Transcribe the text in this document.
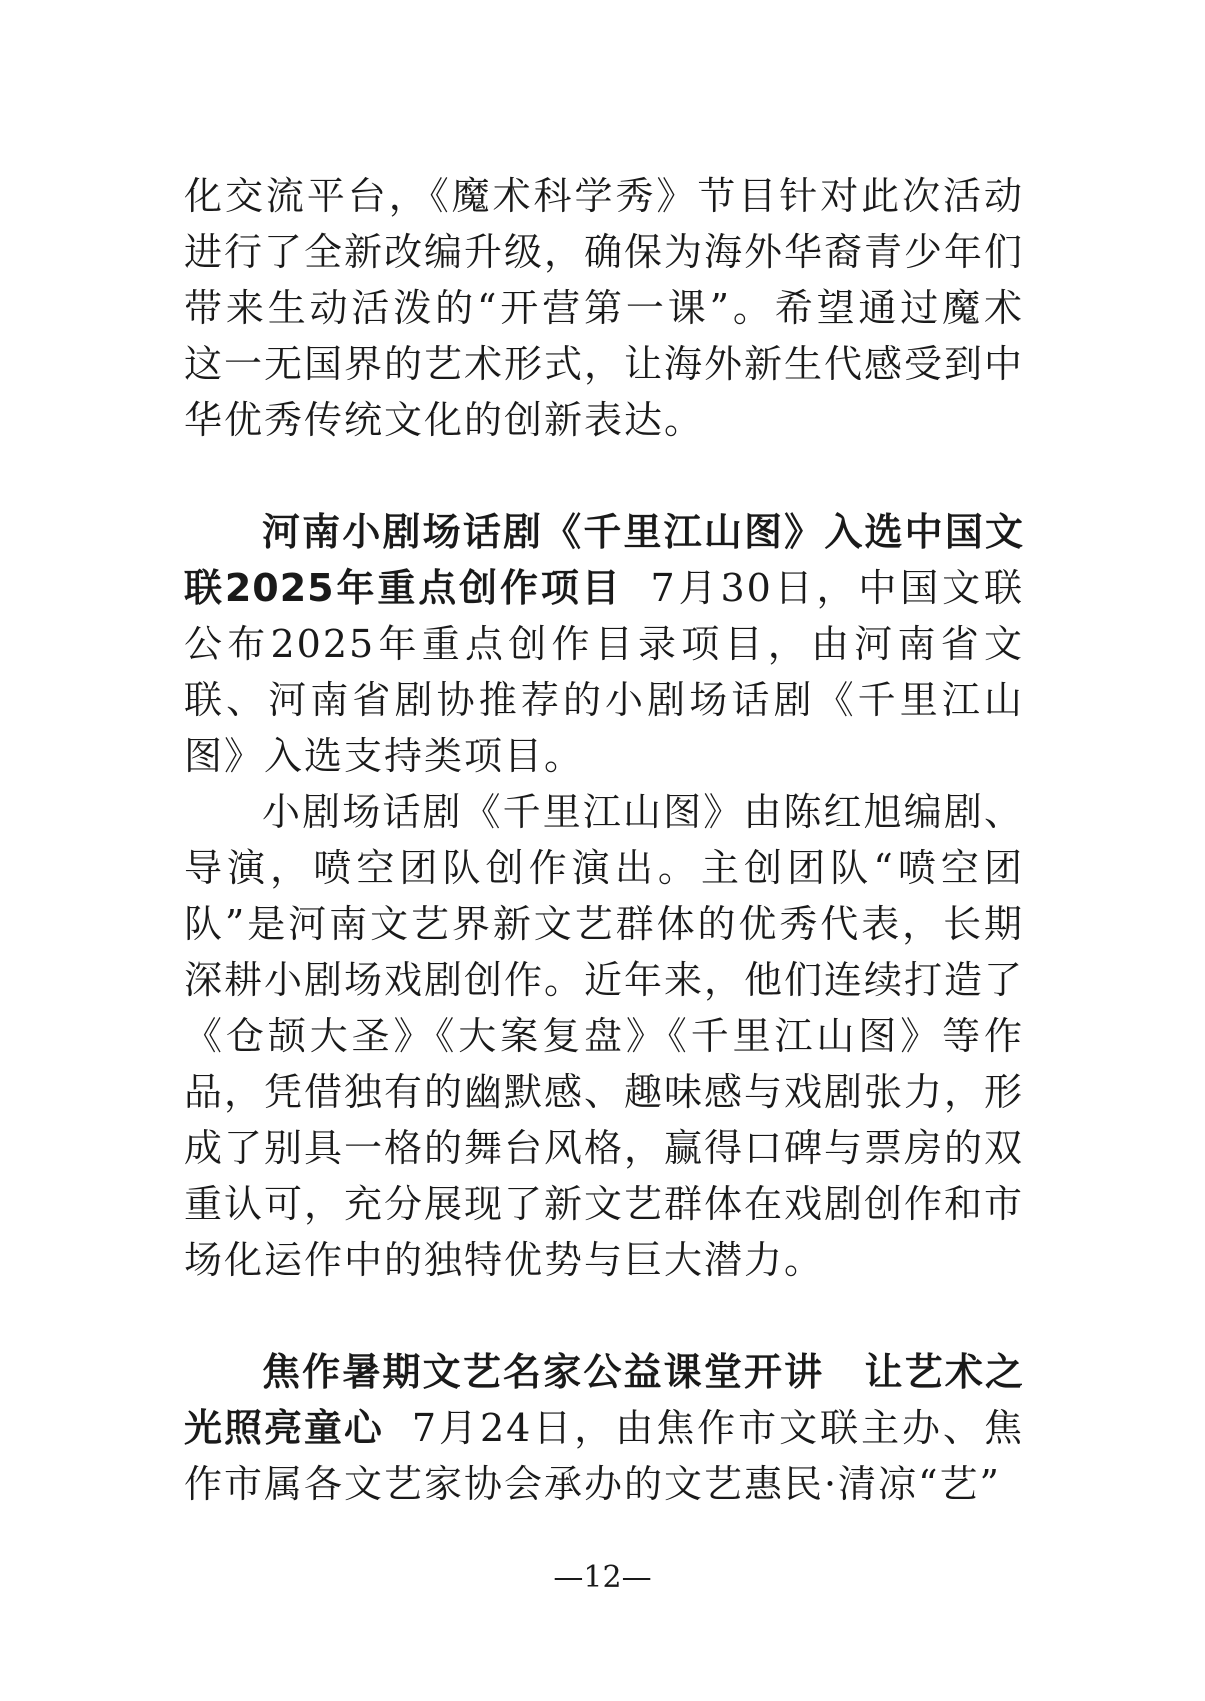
化交流平台，《魔术科学秀》节目针对此次活动进行了全新改编升级，确保为海外华裔青少年们带来生动活泼的“开营第一课”。希望通过魔术这一无国界的艺术形式，让海外新生代感受到中华优秀传统文化的创新表达。

河南小剧场话剧《千里江山图》入选中国文联2025年重点创作项目 7月30日，中国文联公布2025年重点创作目录项目，由河南省文联、河南省剧协推荐的小剧场话剧《千里江山图》入选支持类项目。

小剧场话剧《千里江山图》由陈红旭编剧、导演，喷空团队创作演出。主创团队“喷空团队”是河南文艺界新文艺群体的优秀代表，长期深耕小剧场戏剧创作。近年来，他们连续打造了《仓颉大圣》《大案复盘》《千里江山图》等作品，凭借独有的幽默感、趣味感与戏剧张力，形成了别具一格的舞台风格，赢得口碑与票房的双重认可，充分展现了新文艺群体在戏剧创作和市场化运作中的独特优势与巨大潜力。

焦作暑期文艺名家公益课堂开讲　让艺术之光照亮童心 7月24日，由焦作市文联主办、焦作市属各文艺家协会承办的文艺惠民·清凉“艺”

—12—
